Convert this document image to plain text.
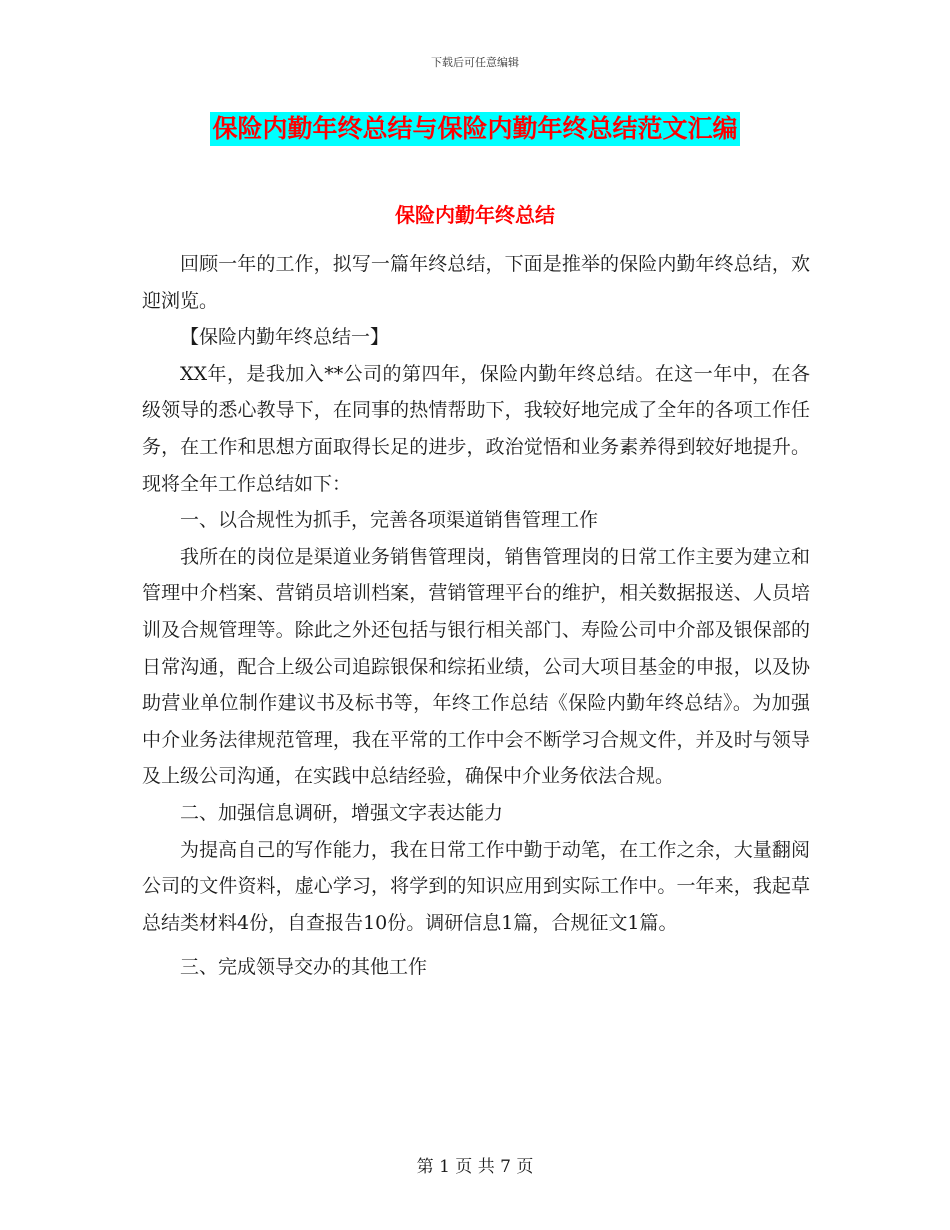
下载后可任意编辑
保险内勤年终总结与保险内勤年终总结范文汇编
保险内勤年终总结

回顾一年的工作，拟写一篇年终总结，下面是推举的保险内勤年终总结，欢迎浏览。

【保险内勤年终总结一】

XX年，是我加入**公司的第四年，保险内勤年终总结。在这一年中，在各级领导的悉心教导下，在同事的热情帮助下，我较好地完成了全年的各项工作任务，在工作和思想方面取得长足的进步，政治觉悟和业务素养得到较好地提升。现将全年工作总结如下：

一、以合规性为抓手，完善各项渠道销售管理工作

我所在的岗位是渠道业务销售管理岗，销售管理岗的日常工作主要为建立和管理中介档案、营销员培训档案，营销管理平台的维护，相关数据报送、人员培训及合规管理等。除此之外还包括与银行相关部门、寿险公司中介部及银保部的日常沟通，配合上级公司追踪银保和综拓业绩，公司大项目基金的申报，以及协助营业单位制作建议书及标书等，年终工作总结《保险内勤年终总结》。为加强中介业务法律规范管理，我在平常的工作中会不断学习合规文件，并及时与领导及上级公司沟通，在实践中总结经验，确保中介业务依法合规。

二、加强信息调研，增强文字表达能力

为提高自己的写作能力，我在日常工作中勤于动笔，在工作之余，大量翻阅公司的文件资料，虚心学习，将学到的知识应用到实际工作中。一年来，我起草总结类材料4份，自查报告10份。调研信息1篇，合规征文1篇。

三、完成领导交办的其他工作

第 1 页 共 7 页
